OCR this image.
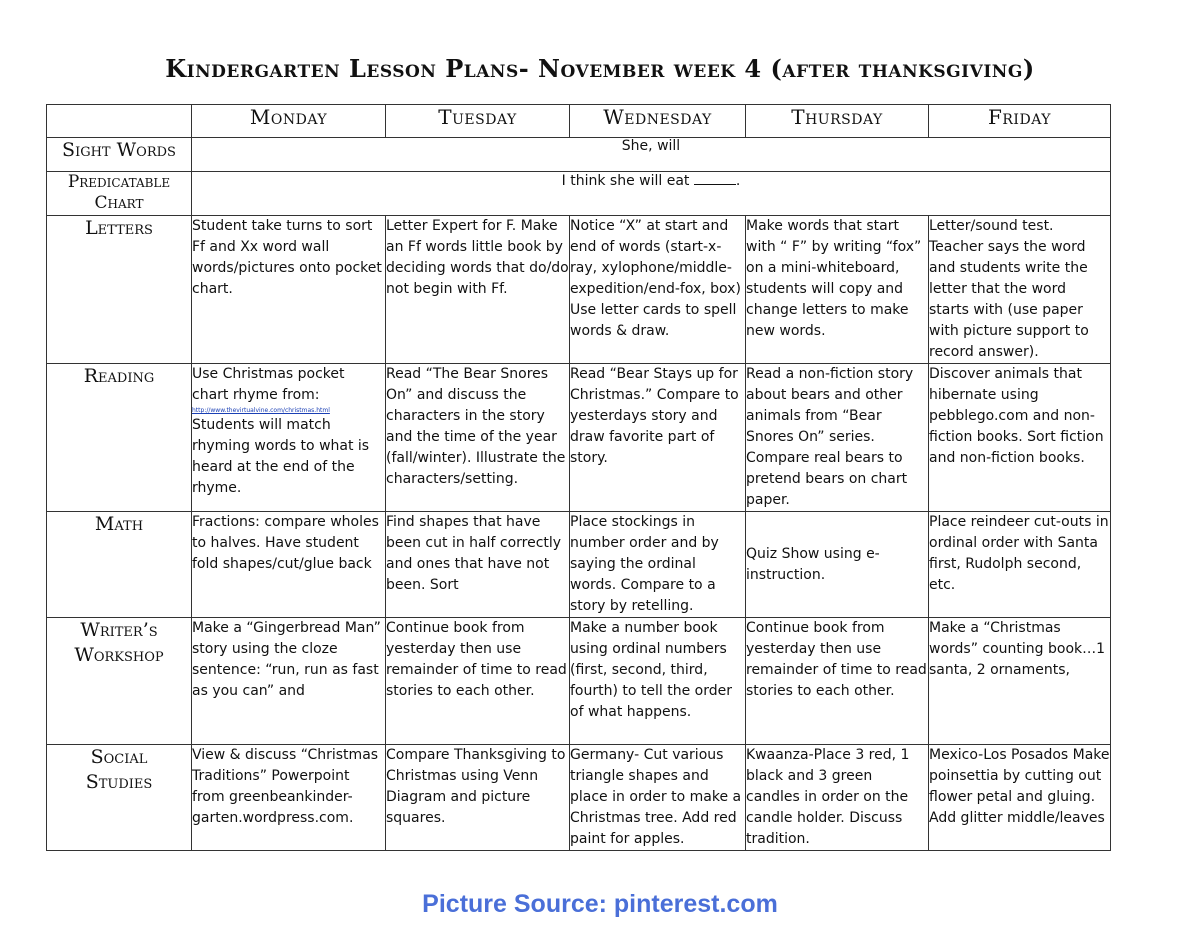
Kindergarten Lesson Plans- November week 4 (after thanksgiving)
	Monday	Tuesday	Wednesday	Thursday	Friday
Sight Words	She, will				
Predicatable
Chart	I think she will eat .				
Letters	Student take turns to sort Ff and Xx word wall words/pictures onto pocket chart.	Letter Expert for F. Make an Ff words little book by deciding words that do/do not begin with Ff.	Notice “X” at start and end of words (start-x-ray, xylophone/middle-expedition/end-fox, box) Use letter cards to spell words & draw.	Make words that start with “ F” by writing “fox” on a mini-whiteboard, students will copy and change letters to make new words.	Letter/sound test. Teacher says the word and students write the letter that the word starts with (use paper with picture support to record answer).
Reading	Use Christmas pocket chart rhyme from:
http://www.thevirtualvine.com/christmas.html
Students will match rhyming words to what is heard at the end of the rhyme.	Read “The Bear Snores On” and discuss the characters in the story and the time of the year (fall/winter). Illustrate the characters/setting.	Read “Bear Stays up for Christmas.” Compare to yesterdays story and draw favorite part of story.	Read a non-fiction story about bears and other animals from “Bear Snores On” series. Compare real bears to pretend bears on chart paper.	Discover animals that hibernate using pebblego.com and non-fiction books. Sort fiction and non-fiction books.
Math	Fractions: compare wholes to halves. Have student fold shapes/cut/glue back	Find shapes that have been cut in half correctly and ones that have not been. Sort	Place stockings in number order and by saying the ordinal words. Compare to a story by retelling.	Quiz Show using e-instruction.	Place reindeer cut-outs in ordinal order with Santa first, Rudolph second, etc.
Writer’s
Workshop	Make a “Gingerbread Man” story using the cloze sentence: “run, run as fast as you can” and	Continue book from yesterday then use remainder of time to read stories to each other.	Make a number book using ordinal numbers (first, second, third, fourth) to tell the order of what happens.	Continue book from yesterday then use remainder of time to read stories to each other.	Make a “Christmas words” counting book…1 santa, 2 ornaments,
Social
Studies	View & discuss “Christmas Traditions” Powerpoint from greenbeankinder-garten.wordpress.com.	Compare Thanksgiving to Christmas using Venn Diagram and picture squares.	Germany- Cut various triangle shapes and place in order to make a Christmas tree. Add red paint for apples.	Kwaanza-Place 3 red, 1 black and 3 green candles in order on the candle holder. Discuss tradition.	Mexico-Los Posados Make poinsettia by cutting out flower petal and gluing. Add glitter middle/leaves
Picture Source: pinterest.com
